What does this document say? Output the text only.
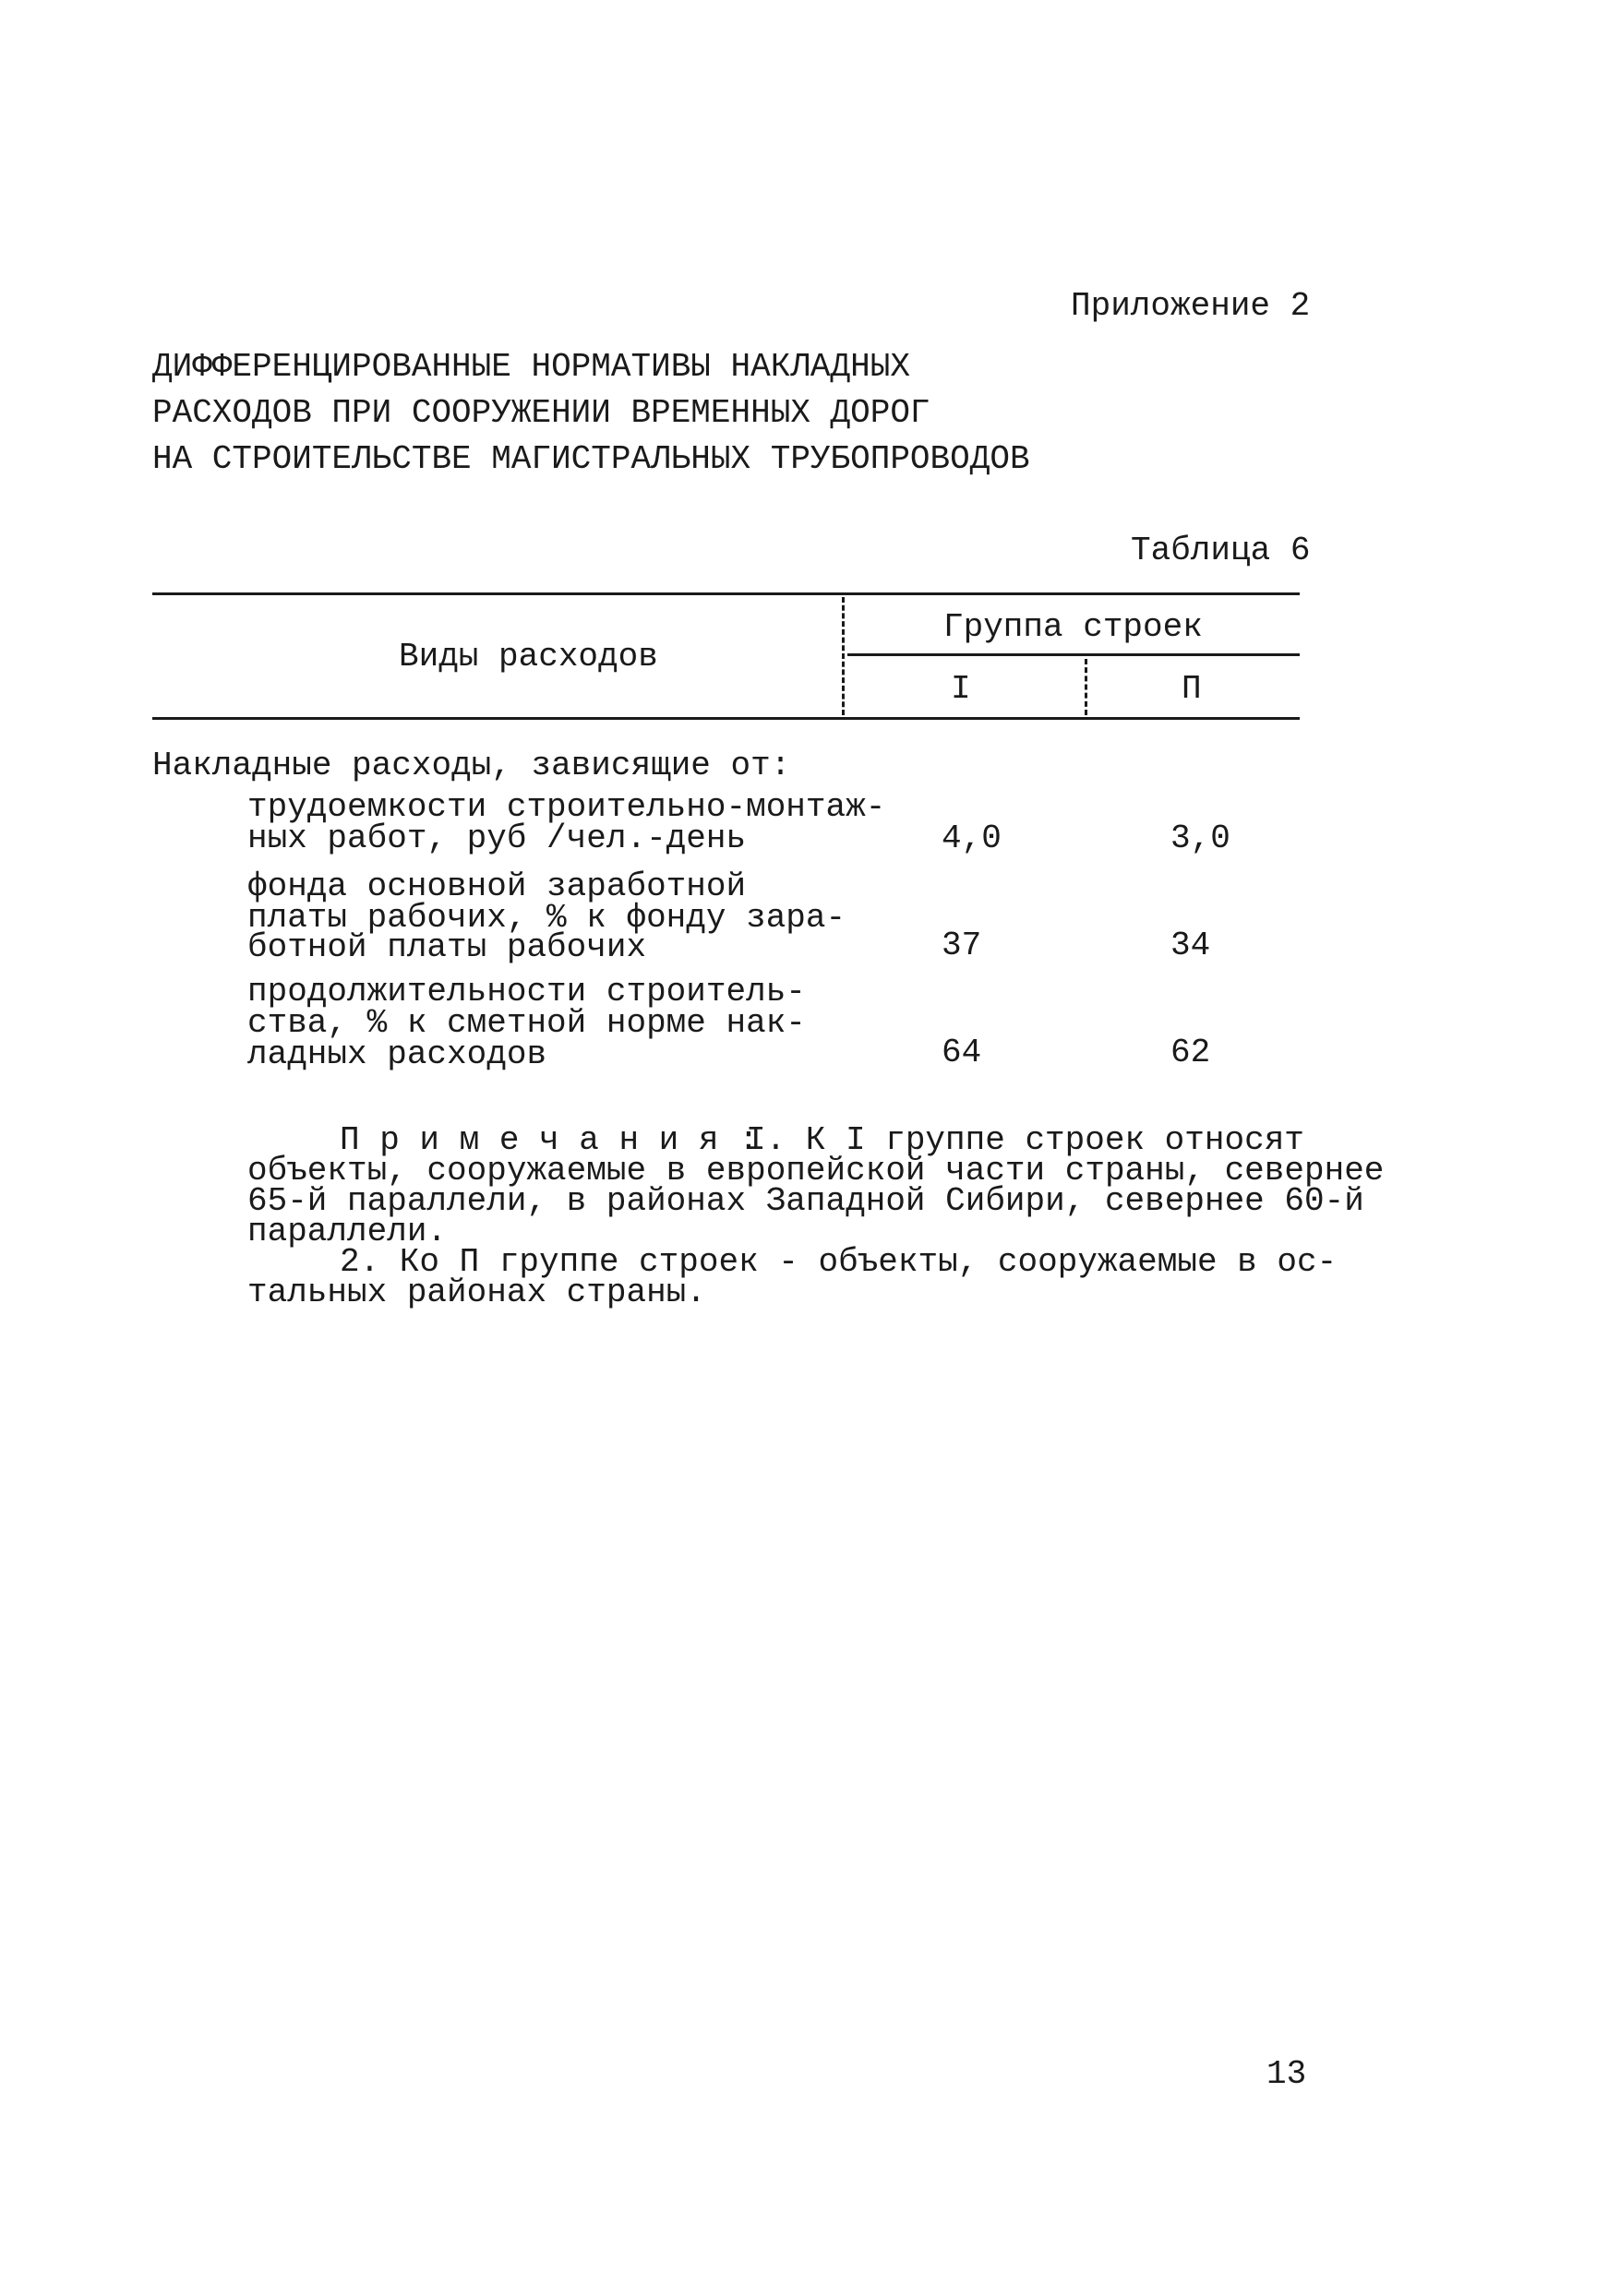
Приложение 2
ДИФФЕРЕНЦИРОВАННЫЕ НОРМАТИВЫ НАКЛАДНЫХ
РАСХОДОВ ПРИ СООРУЖЕНИИ ВРЕМЕННЫХ ДОРОГ
НА СТРОИТЕЛЬСТВЕ МАГИСТРАЛЬНЫХ ТРУБОПРОВОДОВ
Таблица 6
Виды расходов
Группа строек
I	П
Накладные расходы, зависящие от:
трудоемкости строительно-монтаж-
ных работ, руб /чел.-день	4,0	3,0
фонда основной заработной
платы рабочих, % к фонду зара-
ботной платы рабочих	37	34
продолжительности строитель-
ства, % к сметной норме нак-
ладных расходов	64	62
П р и м е ч а н и я :
I. К I группе строек относят
объекты, сооружаемые в европейской части страны, севернее
65-й параллели, в районах Западной Сибири, севернее 60-й
параллели.
2. Ко П группе строек - объекты, сооружаемые в ос-
тальных районах страны.
13
